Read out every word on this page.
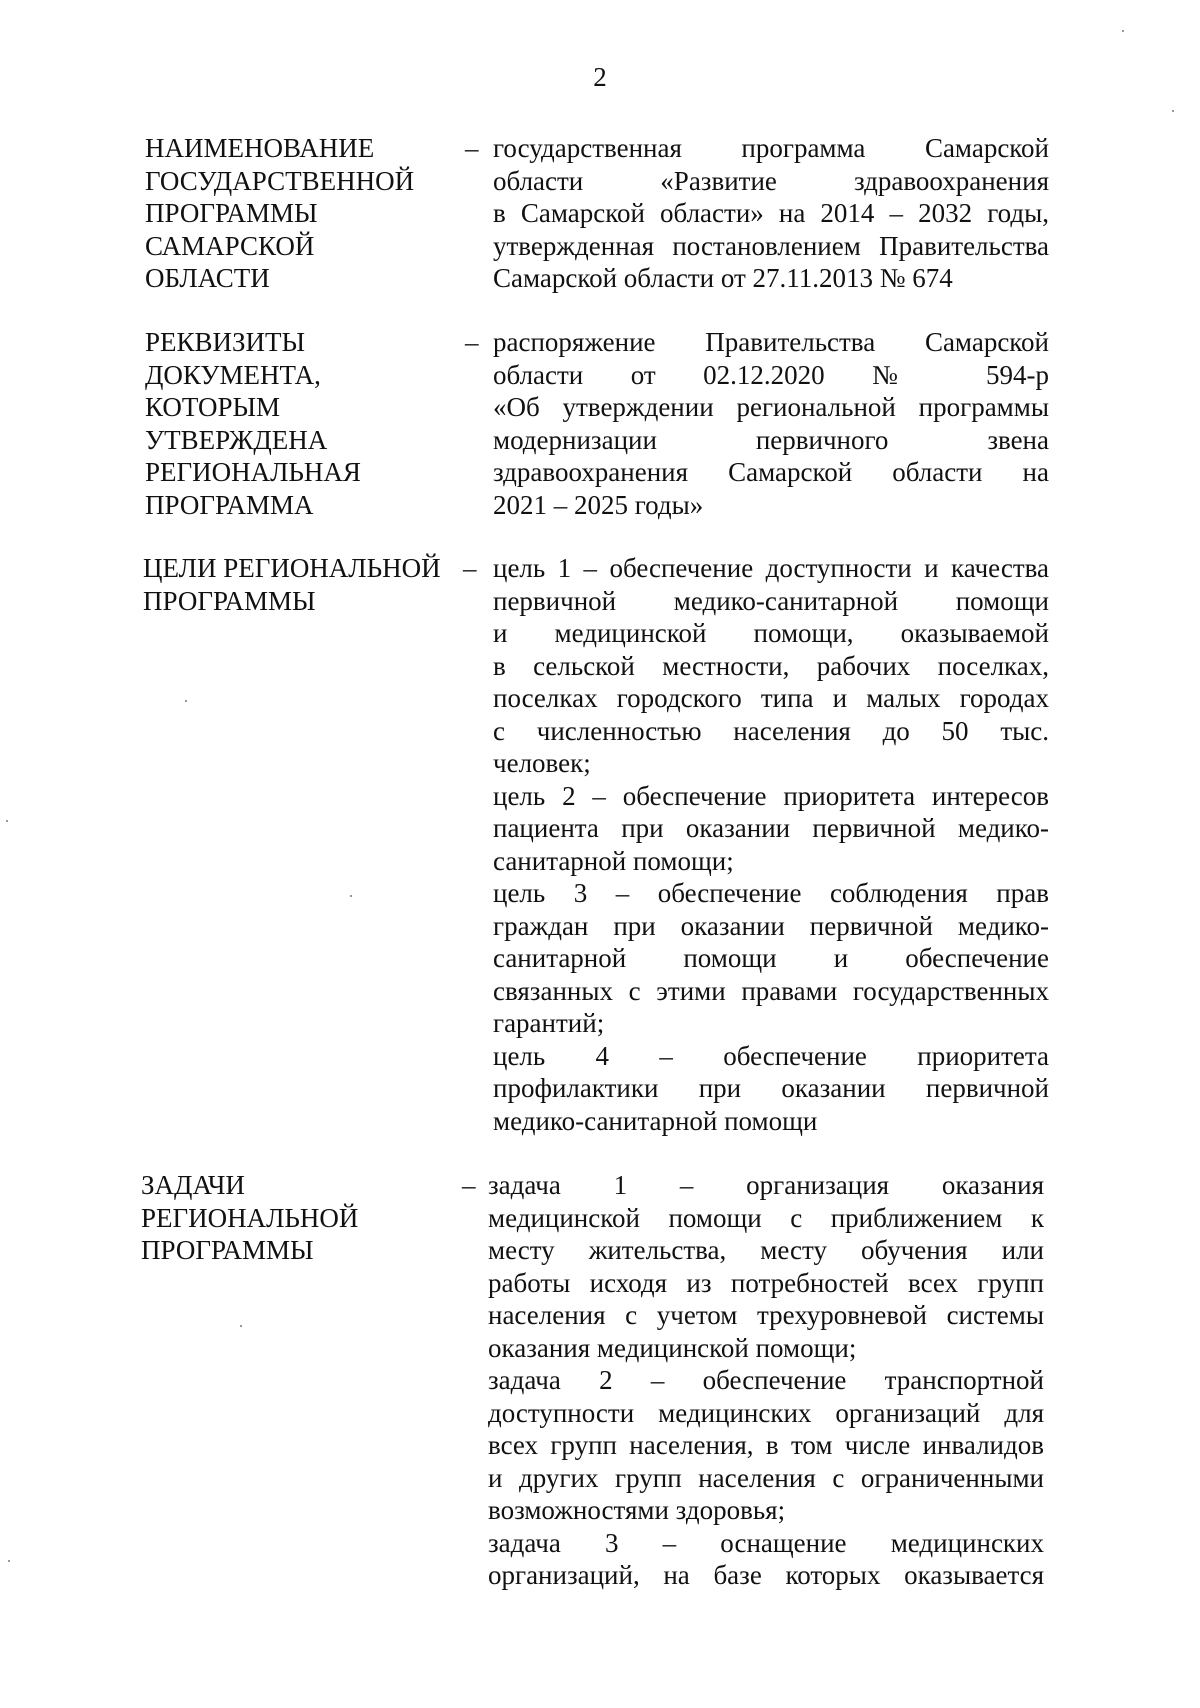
2
НАИМЕНОВАНИЕ
ГОСУДАРСТВЕННОЙ
ПРОГРАММЫ
САМАРСКОЙ
ОБЛАСТИ
– государственная программа Самарской
области «Развитие здравоохранения
в Самарской области» на 2014 – 2032 годы,
утвержденная постановлением Правительства
Самарской области от 27.11.2013 № 674
РЕКВИЗИТЫ
ДОКУМЕНТА,
КОТОРЫМ
УТВЕРЖДЕНА
РЕГИОНАЛЬНАЯ
ПРОГРАММА
– распоряжение Правительства Самарской
области от 02.12.2020 № 594-р
«Об утверждении региональной программы
модернизации первичного звена
здравоохранения Самарской области на
2021 – 2025 годы»
ЦЕЛИ РЕГИОНАЛЬНОЙ
ПРОГРАММЫ
– цель 1 – обеспечение доступности и качества
первичной медико-санитарной помощи
и медицинской помощи, оказываемой
в сельской местности, рабочих поселках,
поселках городского типа и малых городах
с численностью населения до 50 тыс.
человек;
цель 2 – обеспечение приоритета интересов
пациента при оказании первичной медико-
санитарной помощи;
цель 3 – обеспечение соблюдения прав
граждан при оказании первичной медико-
санитарной помощи и обеспечение
связанных с этими правами государственных
гарантий;
цель 4 – обеспечение приоритета
профилактики при оказании первичной
медико-санитарной помощи
ЗАДАЧИ
РЕГИОНАЛЬНОЙ
ПРОГРАММЫ
– задача 1 – организация оказания
медицинской помощи с приближением к
месту жительства, месту обучения или
работы исходя из потребностей всех групп
населения с учетом трехуровневой системы
оказания медицинской помощи;
задача 2 – обеспечение транспортной
доступности медицинских организаций для
всех групп населения, в том числе инвалидов
и других групп населения с ограниченными
возможностями здоровья;
задача 3 – оснащение медицинских
организаций, на базе которых оказывается
